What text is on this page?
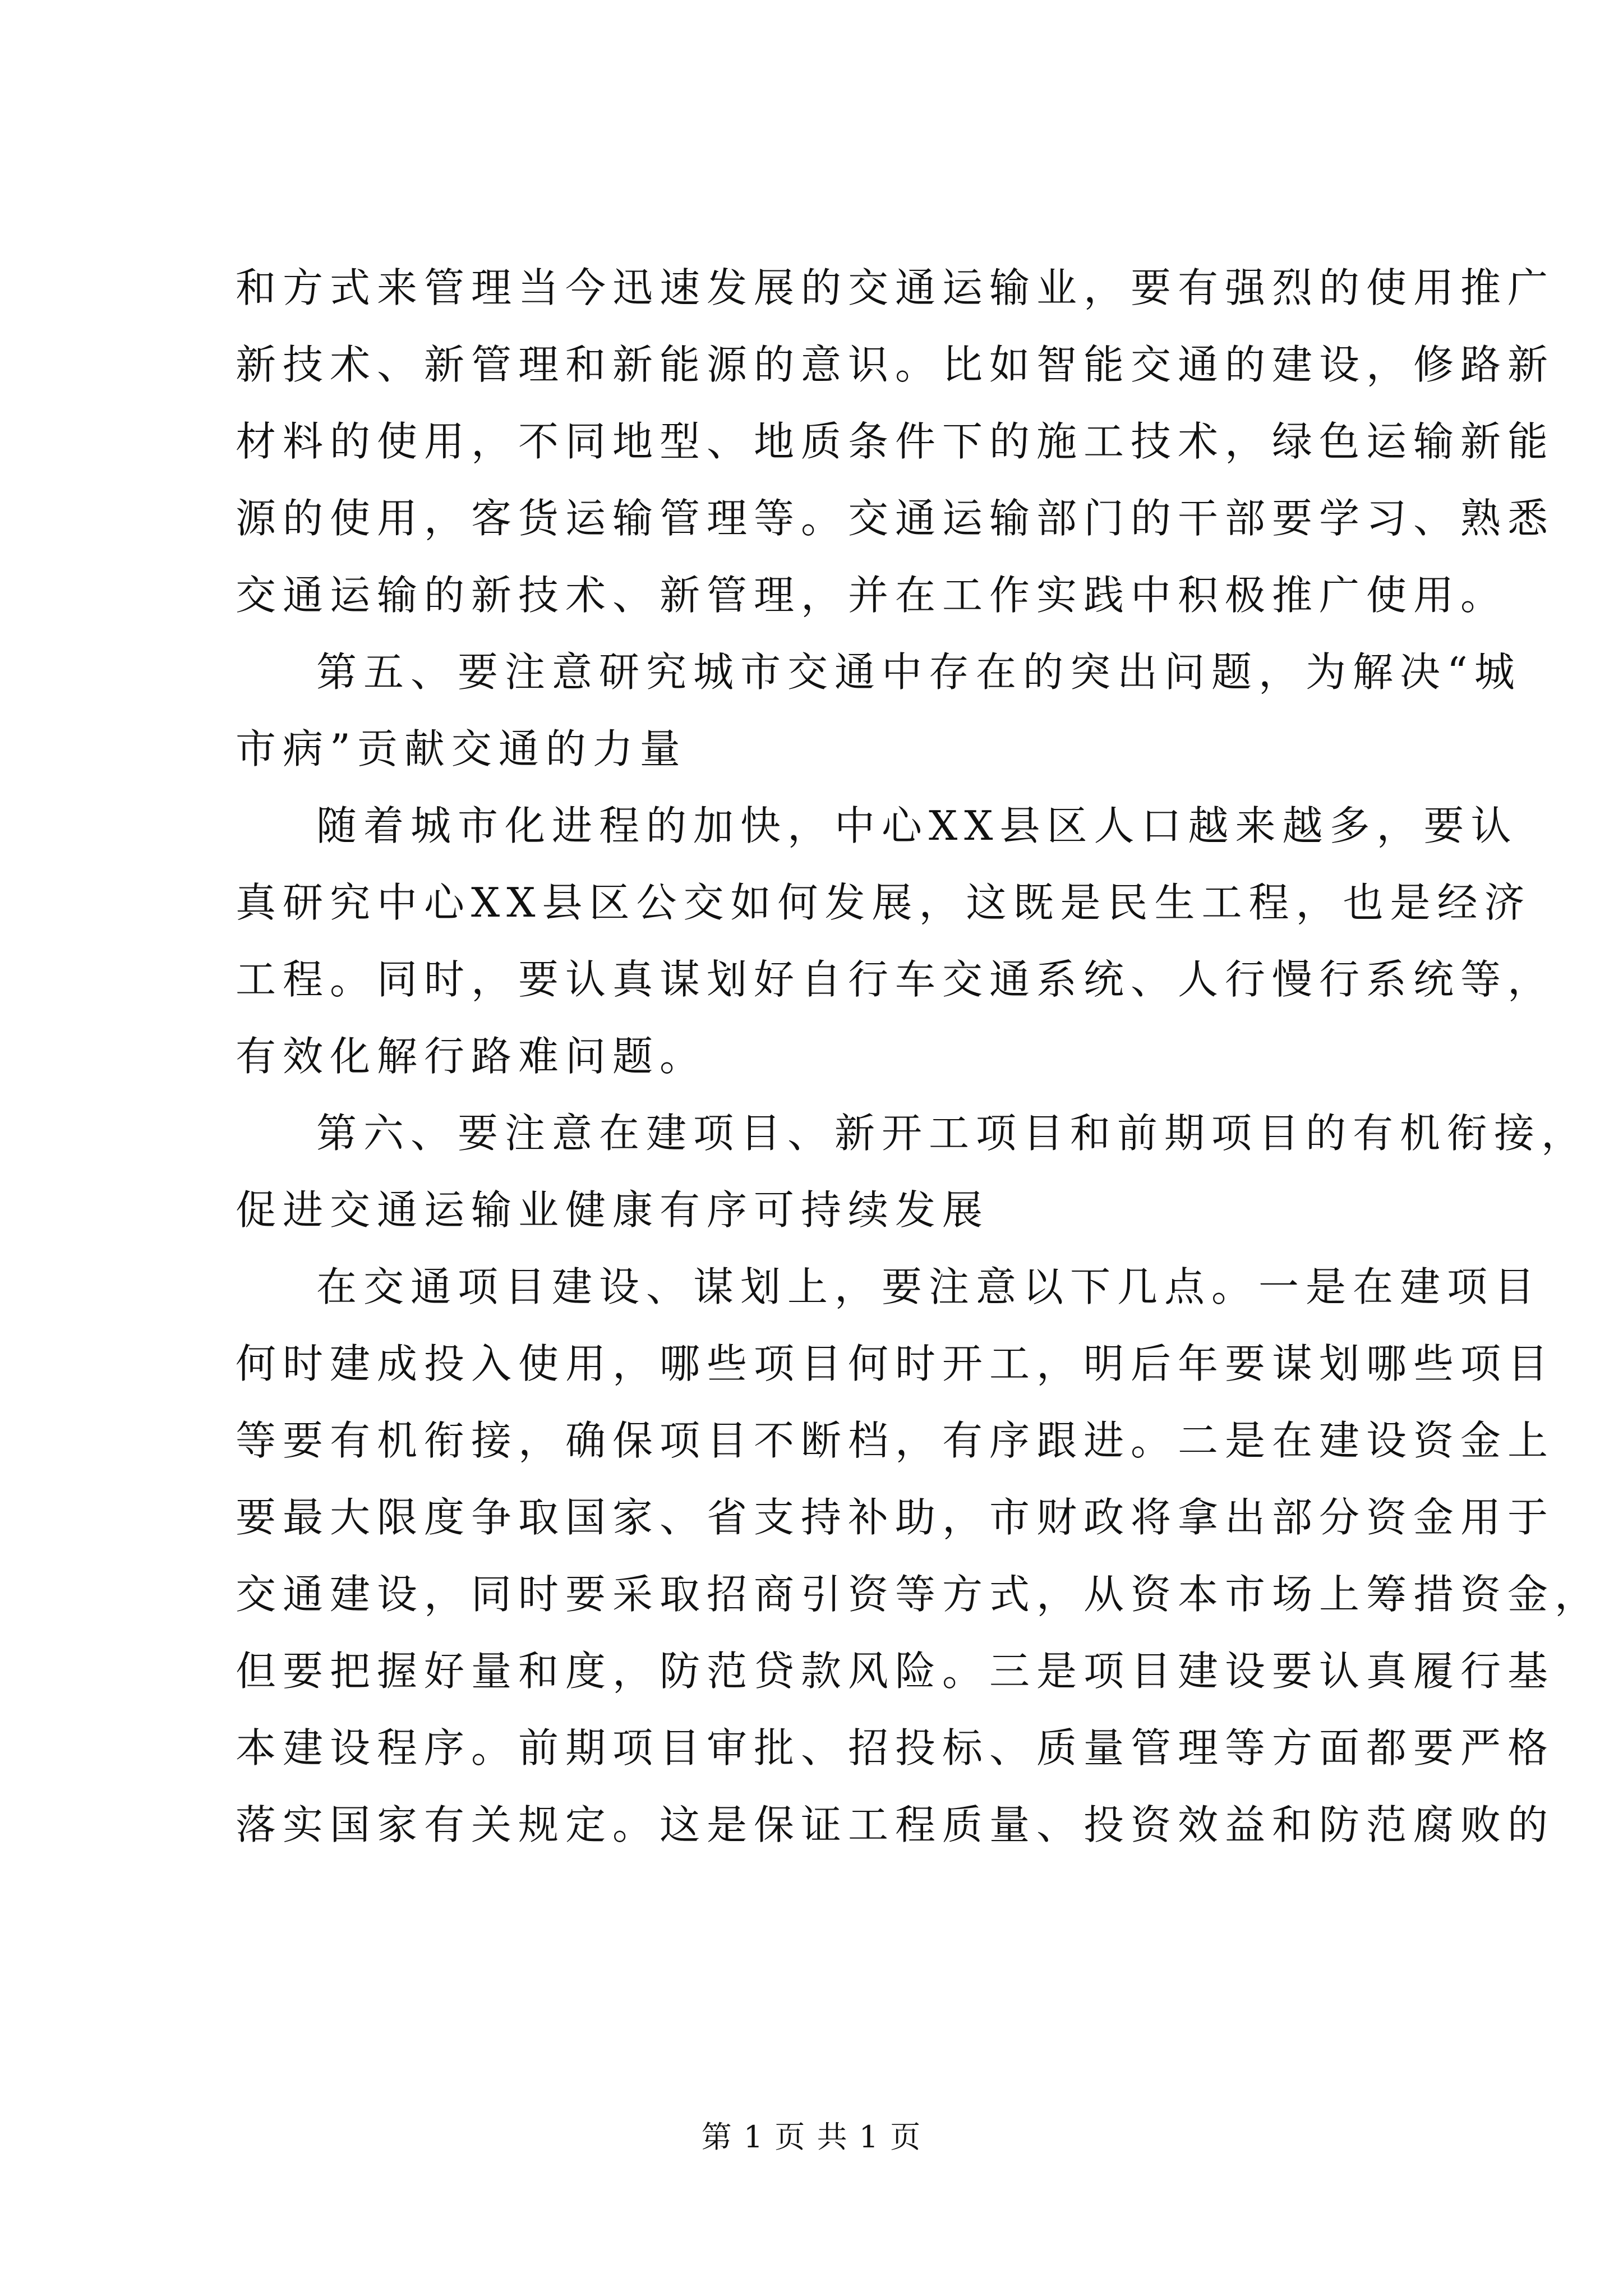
和方式来管理当今迅速发展的交通运输业，要有强烈的使用推广
新技术、新管理和新能源的意识。比如智能交通的建设，修路新
材料的使用，不同地型、地质条件下的施工技术，绿色运输新能
源的使用，客货运输管理等。交通运输部门的干部要学习、熟悉
交通运输的新技术、新管理，并在工作实践中积极推广使用。
第五、要注意研究城市交通中存在的突出问题，为解决“城
市病”贡献交通的力量
随着城市化进程的加快，中心XX县区人口越来越多，要认
真研究中心XX县区公交如何发展，这既是民生工程，也是经济
工程。同时，要认真谋划好自行车交通系统、人行慢行系统等，
有效化解行路难问题。
第六、要注意在建项目、新开工项目和前期项目的有机衔接，
促进交通运输业健康有序可持续发展
在交通项目建设、谋划上，要注意以下几点。一是在建项目
何时建成投入使用，哪些项目何时开工，明后年要谋划哪些项目
等要有机衔接，确保项目不断档，有序跟进。二是在建设资金上
要最大限度争取国家、省支持补助，市财政将拿出部分资金用于
交通建设，同时要采取招商引资等方式，从资本市场上筹措资金，
但要把握好量和度，防范贷款风险。三是项目建设要认真履行基
本建设程序。前期项目审批、招投标、质量管理等方面都要严格
落实国家有关规定。这是保证工程质量、投资效益和防范腐败的
第 1 页 共 1 页
